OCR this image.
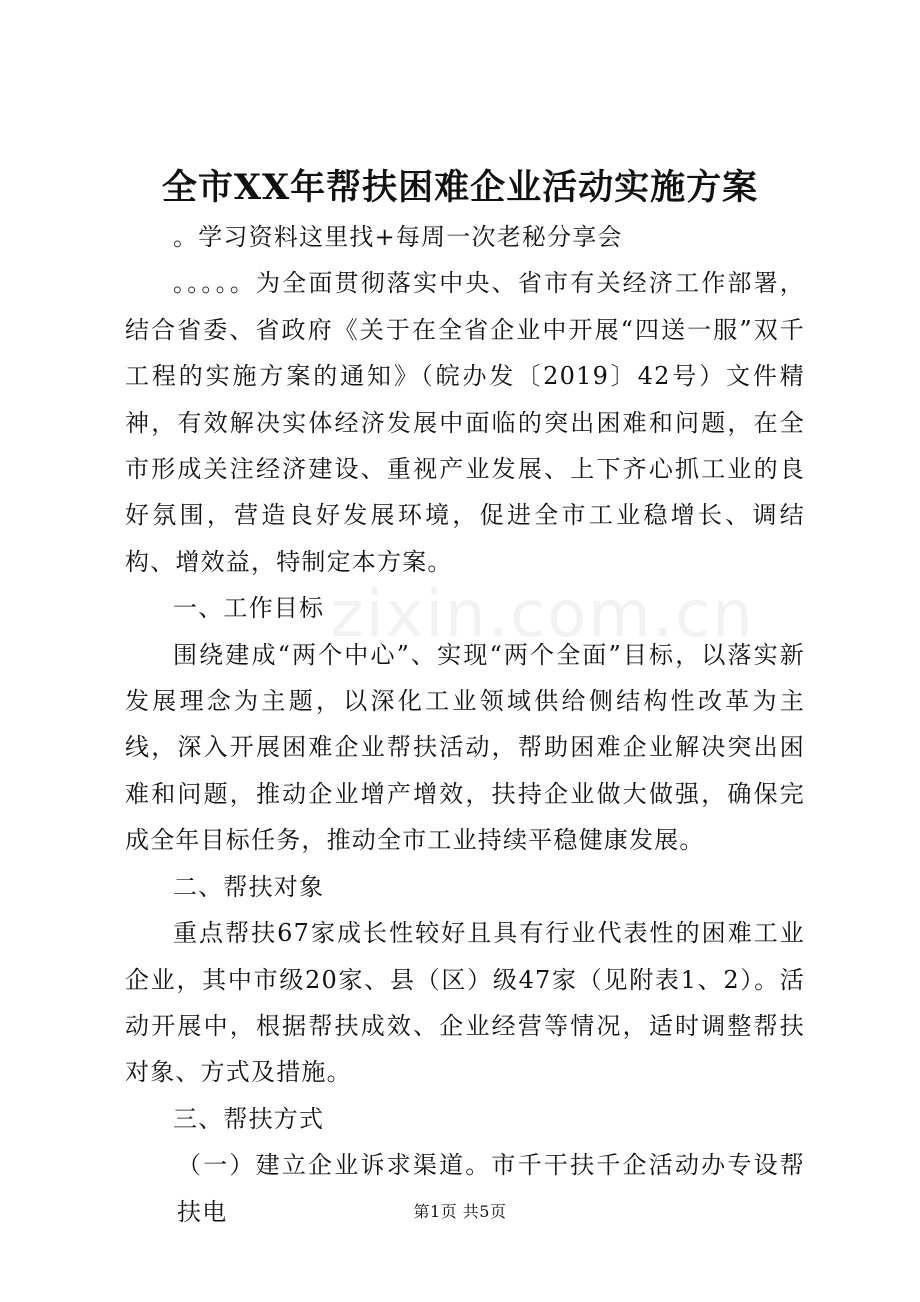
全市XX年帮扶困难企业活动实施方案

。学习资料这里找+每周一次老秘分享会

。。。。。为全面贯彻落实中央、省市有关经济工作部署，结合省委、省政府《关于在全省企业中开展“四送一服”双千工程的实施方案的通知》（皖办发〔2019〕42号）文件精神，有效解决实体经济发展中面临的突出困难和问题，在全市形成关注经济建设、重视产业发展、上下齐心抓工业的良好氛围，营造良好发展环境，促进全市工业稳增长、调结构、增效益，特制定本方案。

一、工作目标

围绕建成“两个中心”、实现“两个全面”目标，以落实新发展理念为主题，以深化工业领域供给侧结构性改革为主线，深入开展困难企业帮扶活动，帮助困难企业解决突出困难和问题，推动企业增产增效，扶持企业做大做强，确保完成全年目标任务，推动全市工业持续平稳健康发展。

二、帮扶对象

重点帮扶67家成长性较好且具有行业代表性的困难工业企业，其中市级20家、县（区）级47家（见附表1、2）。活动开展中，根据帮扶成效、企业经营等情况，适时调整帮扶对象、方式及措施。

三、帮扶方式

（一）建立企业诉求渠道。市千干扶千企活动办专设帮扶电

zixin.com.cn
第1页 共5页
